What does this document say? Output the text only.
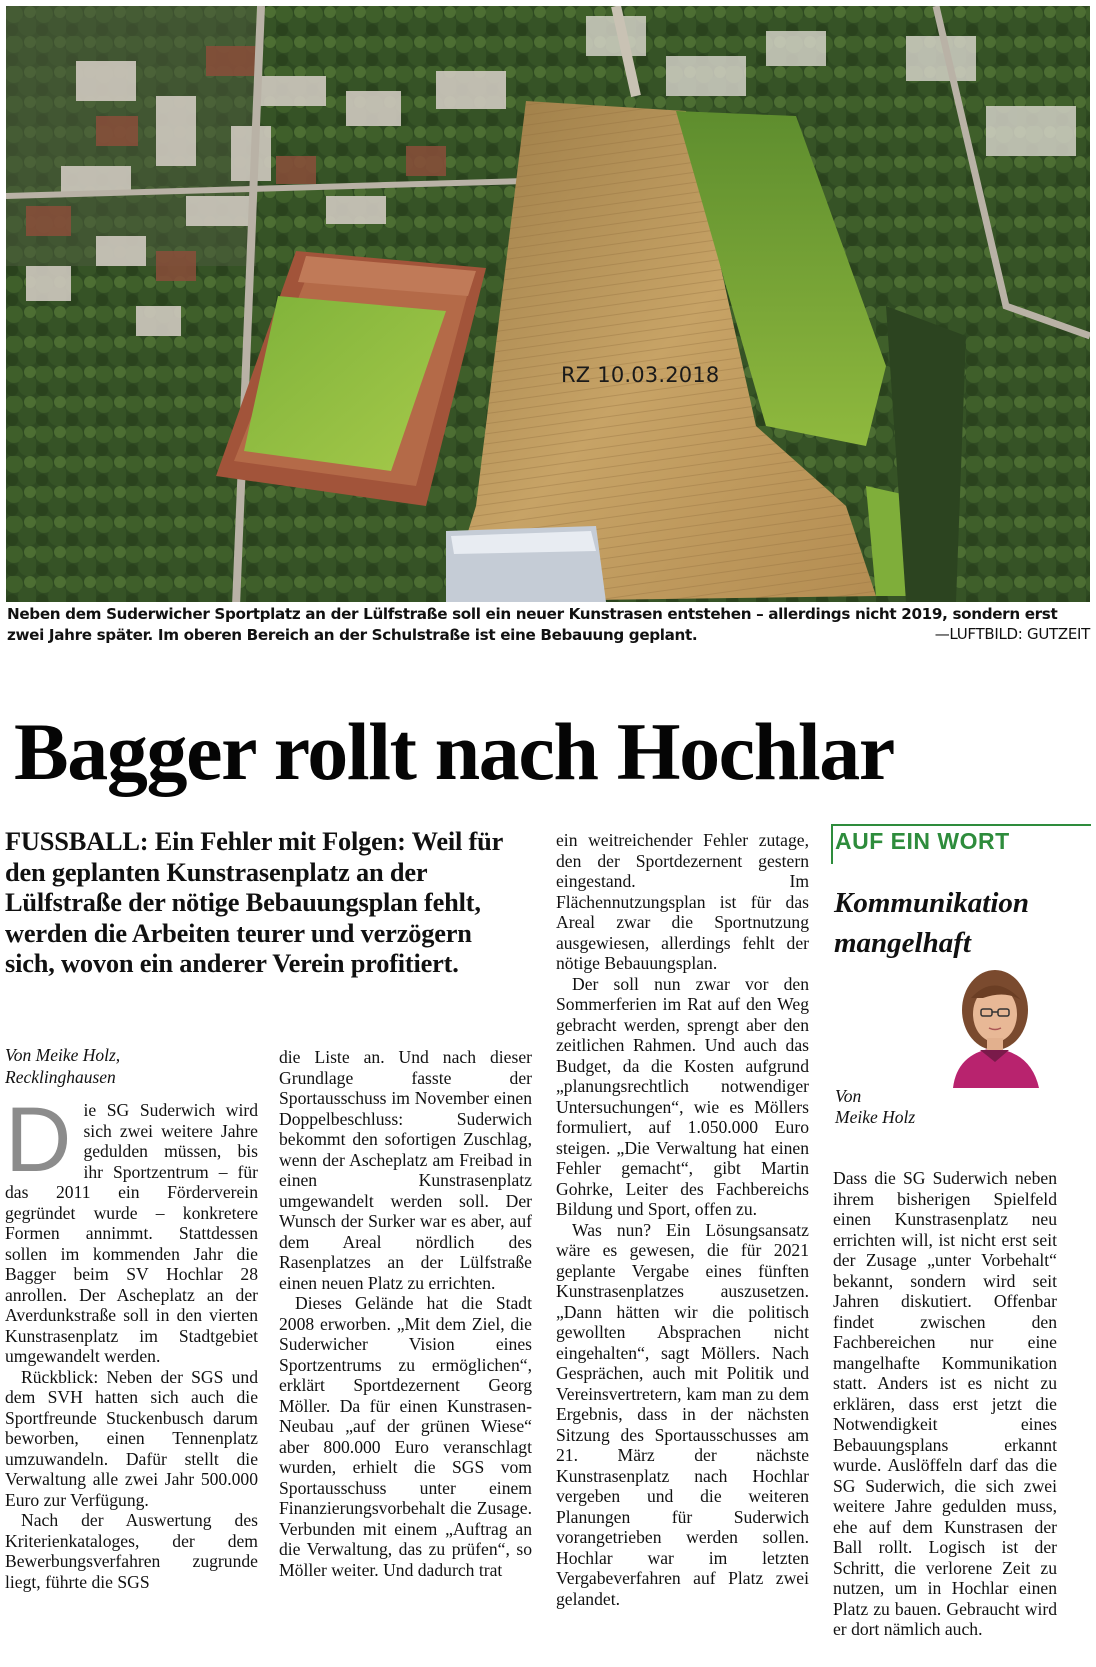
RZ 10.03.2018
Neben dem Suderwicher Sportplatz an der Lülfstraße soll ein neuer Kunstrasen entstehen – allerdings nicht 2019, sondern erst zwei Jahre später. Im oberen Bereich an der Schulstraße ist eine Bebauung geplant.	—LUFTBILD: GUTZEIT
Bagger rollt nach Hochlar
FUSSBALL: Ein Fehler mit Folgen: Weil für den geplanten Kunstrasenplatz an der Lülfstraße der nötige Bebauungsplan fehlt, werden die Arbeiten teurer und verzögern sich, wovon ein anderer Verein profitiert.
Von Meike Holz,
Recklinghausen

Die SG Suderwich wird sich zwei weitere Jahre gedulden müssen, bis ihr Sportzentrum – für das 2011 ein Förderverein gegründet wurde – konkretere Formen annimmt. Stattdessen sollen im kommenden Jahr die Bagger beim SV Hochlar 28 anrollen. Der Ascheplatz an der Averdunkstraße soll in den vierten Kunstrasenplatz im Stadtgebiet umgewandelt werden.

Rückblick: Neben der SGS und dem SVH hatten sich auch die Sportfreunde Stuckenbusch darum beworben, einen Tennenplatz umzuwandeln. Dafür stellt die Verwaltung alle zwei Jahr 500.000 Euro zur Verfügung.

Nach der Auswertung des Kriterienkataloges, der dem Bewerbungsverfahren zugrunde liegt, führte die SGS

die Liste an. Und nach dieser Grundlage fasste der Sportausschuss im November einen Doppelbeschluss: Suderwich bekommt den sofortigen Zuschlag, wenn der Ascheplatz am Freibad in einen Kunstrasenplatz umgewandelt werden soll. Der Wunsch der Surker war es aber, auf dem Areal nördlich des Rasenplatzes an der Lülfstraße einen neuen Platz zu errichten.

Dieses Gelände hat die Stadt 2008 erworben. „Mit dem Ziel, die Suderwicher Vision eines Sportzentrums zu ermöglichen“, erklärt Sportdezernent Georg Möller. Da für einen Kunstrasen-Neubau „auf der grünen Wiese“ aber 800.000 Euro veranschlagt wurden, erhielt die SGS vom Sportausschuss unter einem Finanzierungsvorbehalt die Zusage. Verbunden mit einem „Auftrag an die Verwaltung, das zu prüfen“, so Möller weiter. Und dadurch trat

ein weitreichender Fehler zutage, den der Sportdezernent gestern eingestand. Im Flächennutzungsplan ist für das Areal zwar die Sportnutzung ausgewiesen, allerdings fehlt der nötige Bebauungsplan.

Der soll nun zwar vor den Sommerferien im Rat auf den Weg gebracht werden, sprengt aber den zeitlichen Rahmen. Und auch das Budget, da die Kosten aufgrund „planungsrechtlich notwendiger Untersuchungen“, wie es Möllers formuliert, auf 1.050.000 Euro steigen. „Die Verwaltung hat einen Fehler gemacht“, gibt Martin Gohrke, Leiter des Fachbereichs Bildung und Sport, offen zu.

Was nun? Ein Lösungsansatz wäre es gewesen, die für 2021 geplante Vergabe eines fünften Kunstrasenplatzes auszusetzen. „Dann hätten wir die politisch gewollten Absprachen nicht eingehalten“, sagt Möllers. Nach Gesprächen, auch mit Politik und Vereinsvertretern, kam man zu dem Ergebnis, dass in der nächsten Sitzung des Sportausschusses am 21. März der nächste Kunstrasenplatz nach Hochlar vergeben und die weiteren Planungen für Suderwich vorangetrieben werden sollen. Hochlar war im letzten Vergabeverfahren auf Platz zwei gelandet.

AUF EIN WORT
Kommunikation mangelhaft
Von
Meike Holz

Dass die SG Suderwich neben ihrem bisherigen Spielfeld einen Kunstrasenplatz neu errichten will, ist nicht erst seit der Zusage „unter Vorbehalt“ bekannt, sondern wird seit Jahren diskutiert. Offenbar findet zwischen den Fachbereichen nur eine mangelhafte Kommunikation statt. Anders ist es nicht zu erklären, dass erst jetzt die Notwendigkeit eines Bebauungsplans erkannt wurde. Auslöffeln darf das die SG Suderwich, die sich zwei weitere Jahre gedulden muss, ehe auf dem Kunstrasen der Ball rollt. Logisch ist der Schritt, die verlorene Zeit zu nutzen, um in Hochlar einen Platz zu bauen. Gebraucht wird er dort nämlich auch.
